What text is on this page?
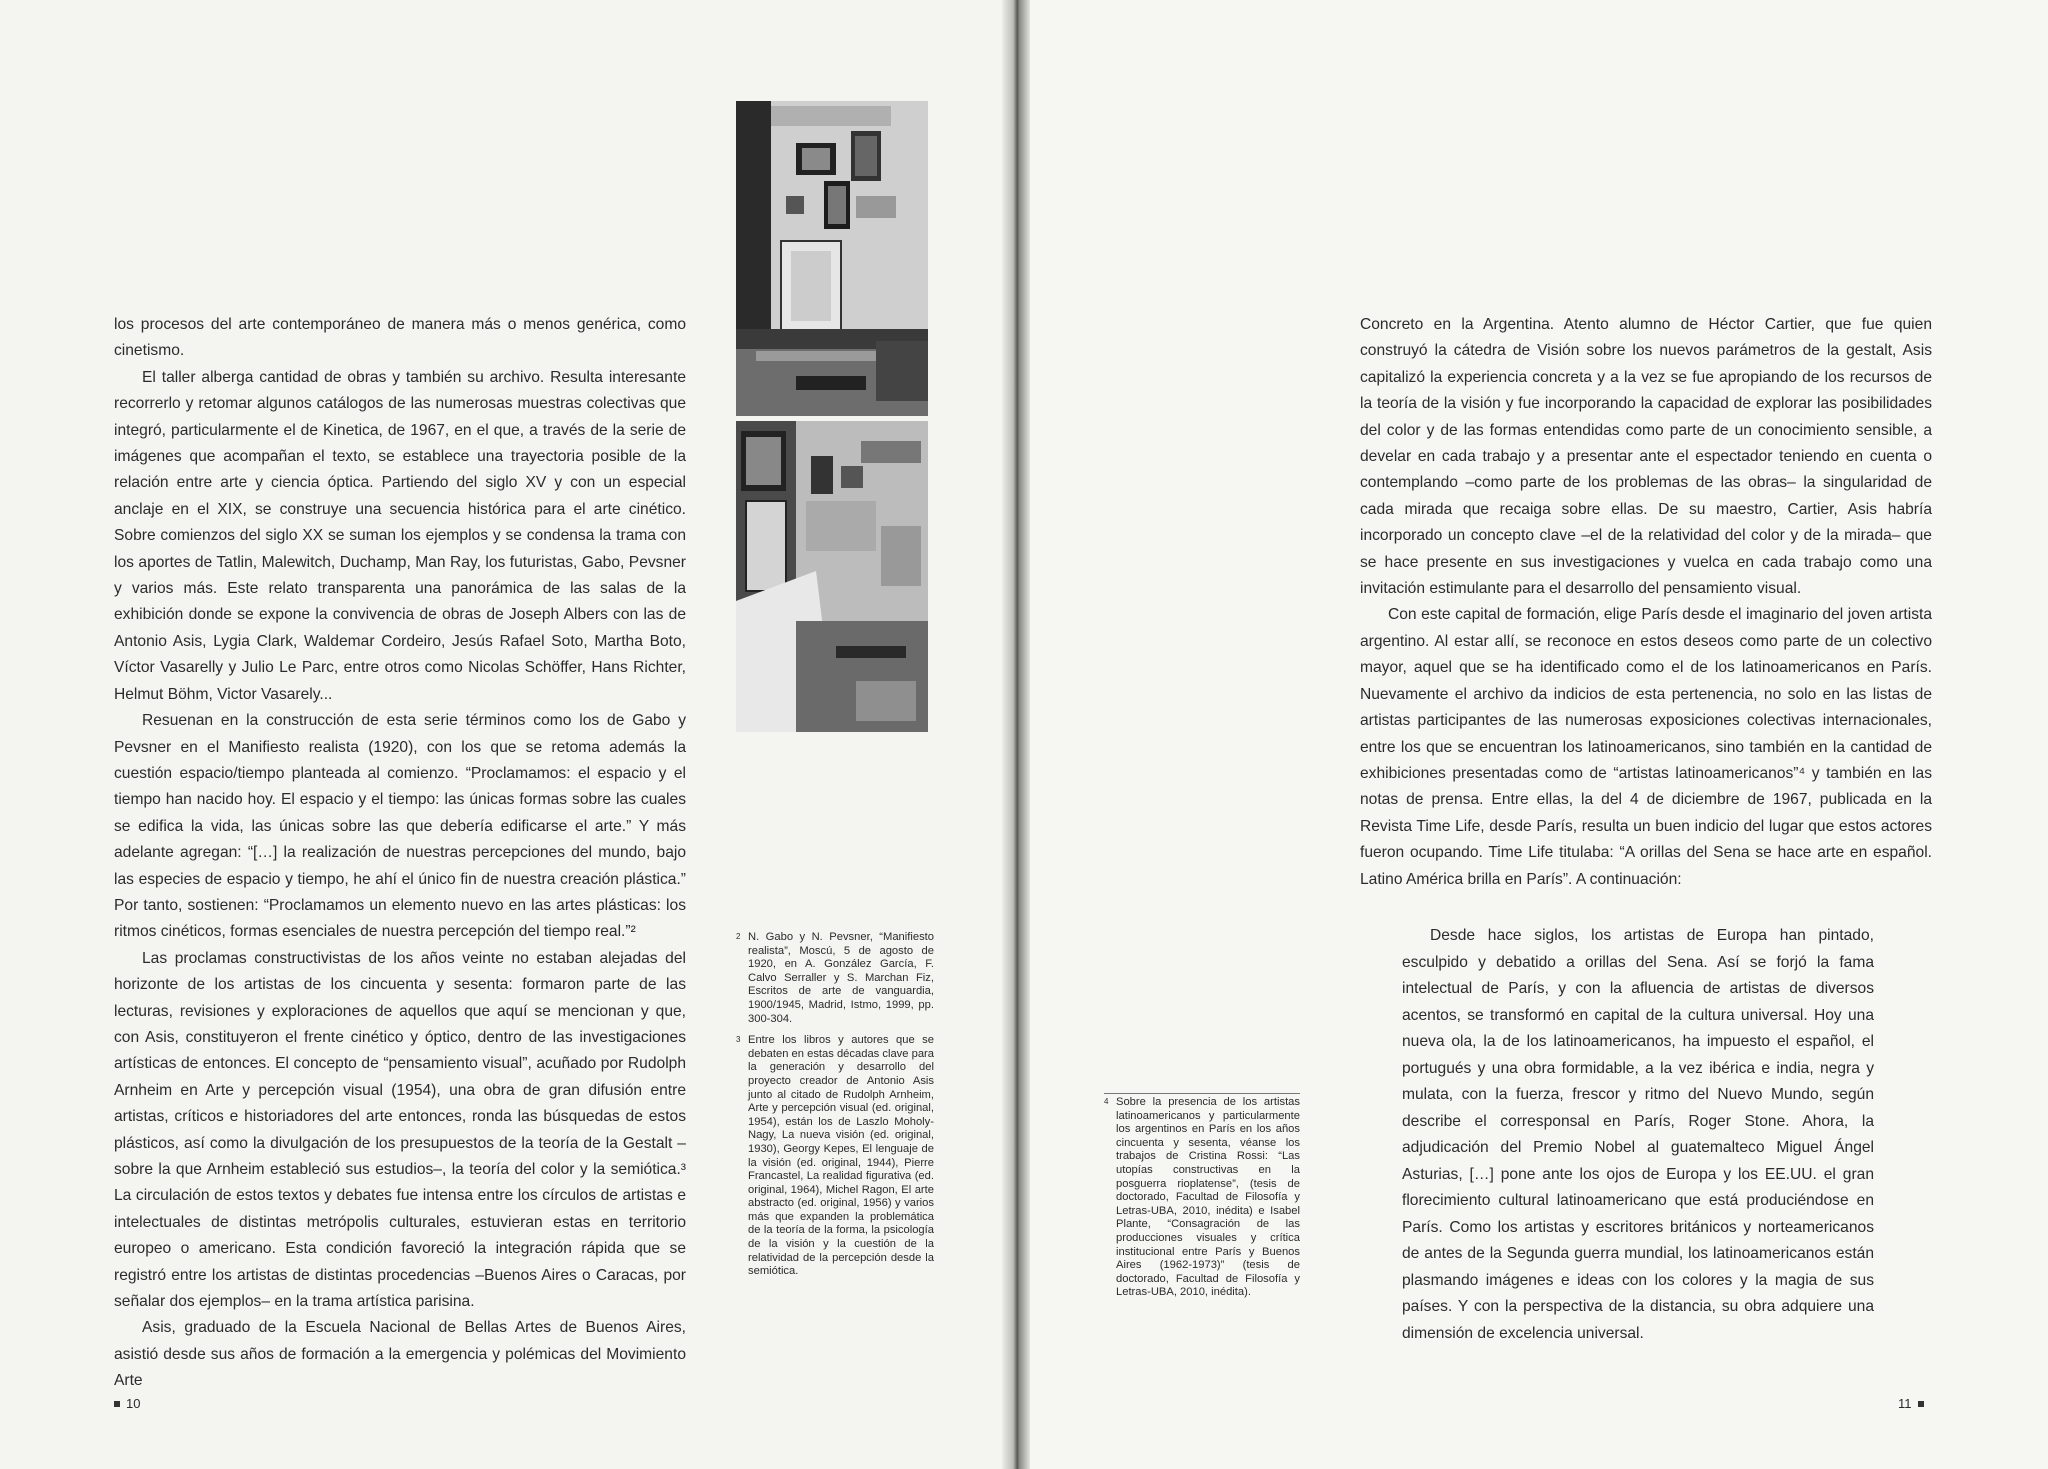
los procesos del arte contemporáneo de manera más o menos genérica, como cinetismo.

El taller alberga cantidad de obras y también su archivo. Resulta interesante recorrerlo y retomar algunos catálogos de las numerosas muestras colectivas que integró, particularmente el de Kinetica, de 1967, en el que, a través de la serie de imágenes que acompañan el texto, se establece una trayectoria posible de la relación entre arte y ciencia óptica. Partiendo del siglo XV y con un especial anclaje en el XIX, se construye una secuencia histórica para el arte cinético. Sobre comienzos del siglo XX se suman los ejemplos y se condensa la trama con los aportes de Tatlin, Malewitch, Duchamp, Man Ray, los futuristas, Gabo, Pevsner y varios más. Este relato transparenta una panorámica de las salas de la exhibición donde se expone la convivencia de obras de Joseph Albers con las de Antonio Asis, Lygia Clark, Waldemar Cordeiro, Jesús Rafael Soto, Martha Boto, Víctor Vasarelly y Julio Le Parc, entre otros como Nicolas Schöffer, Hans Richter, Helmut Böhm, Victor Vasarely...

Resuenan en la construcción de esta serie términos como los de Gabo y Pevsner en el Manifiesto realista (1920), con los que se retoma además la cuestión espacio/tiempo planteada al comienzo. “Proclamamos: el espacio y el tiempo han nacido hoy. El espacio y el tiempo: las únicas formas sobre las cuales se edifica la vida, las únicas sobre las que debería edificarse el arte.” Y más adelante agregan: “[…] la realización de nuestras percepciones del mundo, bajo las especies de espacio y tiempo, he ahí el único fin de nuestra creación plástica.” Por tanto, sostienen: “Proclamamos un elemento nuevo en las artes plásticas: los ritmos cinéticos, formas esenciales de nuestra percepción del tiempo real.”²

Las proclamas constructivistas de los años veinte no estaban alejadas del horizonte de los artistas de los cincuenta y sesenta: formaron parte de las lecturas, revisiones y exploraciones de aquellos que aquí se mencionan y que, con Asis, constituyeron el frente cinético y óptico, dentro de las investigaciones artísticas de entonces. El concepto de “pensamiento visual”, acuñado por Rudolph Arnheim en Arte y percepción visual (1954), una obra de gran difusión entre artistas, críticos e historiadores del arte entonces, ronda las búsquedas de estos plásticos, así como la divulgación de los presupuestos de la teoría de la Gestalt –sobre la que Arnheim estableció sus estudios–, la teoría del color y la semiótica.³ La circulación de estos textos y debates fue intensa entre los círculos de artistas e intelectuales de distintas metrópolis culturales, estuvieran estas en territorio europeo o americano. Esta condición favoreció la integración rápida que se registró entre los artistas de distintas procedencias –Buenos Aires o Caracas, por señalar dos ejemplos– en la trama artística parisina.

Asis, graduado de la Escuela Nacional de Bellas Artes de Buenos Aires, asistió desde sus años de formación a la emergencia y polémicas del Movimiento Arte

2 N. Gabo y N. Pevsner, “Manifiesto realista”, Moscú, 5 de agosto de 1920, en A. González García, F. Calvo Serraller y S. Marchan Fiz, Escritos de arte de vanguardia, 1900/1945, Madrid, Istmo, 1999, pp. 300-304.
3 Entre los libros y autores que se debaten en estas décadas clave para la generación y desarrollo del proyecto creador de Antonio Asis junto al citado de Rudolph Arnheim, Arte y percepción visual (ed. original, 1954), están los de Laszlo Moholy-Nagy, La nueva visión (ed. original, 1930), Georgy Kepes, El lenguaje de la visión (ed. original, 1944), Pierre Francastel, La realidad figurativa (ed. original, 1964), Michel Ragon, El arte abstracto (ed. original, 1956) y varios más que expanden la problemática de la teoría de la forma, la psicología de la visión y la cuestión de la relatividad de la percepción desde la semiótica.
10

Concreto en la Argentina. Atento alumno de Héctor Cartier, que fue quien construyó la cátedra de Visión sobre los nuevos parámetros de la gestalt, Asis capitalizó la experiencia concreta y a la vez se fue apropiando de los recursos de la teoría de la visión y fue incorporando la capacidad de explorar las posibilidades del color y de las formas entendidas como parte de un conocimiento sensible, a develar en cada trabajo y a presentar ante el espectador teniendo en cuenta o contemplando –como parte de los problemas de las obras– la singularidad de cada mirada que recaiga sobre ellas. De su maestro, Cartier, Asis habría incorporado un concepto clave –el de la relatividad del color y de la mirada– que se hace presente en sus investigaciones y vuelca en cada trabajo como una invitación estimulante para el desarrollo del pensamiento visual.

Con este capital de formación, elige París desde el imaginario del joven artista argentino. Al estar allí, se reconoce en estos deseos como parte de un colectivo mayor, aquel que se ha identificado como el de los latinoamericanos en París. Nuevamente el archivo da indicios de esta pertenencia, no solo en las listas de artistas participantes de las numerosas exposiciones colectivas internacionales, entre los que se encuentran los latinoamericanos, sino también en la cantidad de exhibiciones presentadas como de “artistas latinoamericanos”⁴ y también en las notas de prensa. Entre ellas, la del 4 de diciembre de 1967, publicada en la Revista Time Life, desde París, resulta un buen indicio del lugar que estos actores fueron ocupando. Time Life titulaba: “A orillas del Sena se hace arte en español. Latino América brilla en París”. A continuación:

Desde hace siglos, los artistas de Europa han pintado, esculpido y debatido a orillas del Sena. Así se forjó la fama intelectual de París, y con la afluencia de artistas de diversos acentos, se transformó en capital de la cultura universal. Hoy una nueva ola, la de los latinoamericanos, ha impuesto el español, el portugués y una obra formidable, a la vez ibérica e india, negra y mulata, con la fuerza, frescor y ritmo del Nuevo Mundo, según describe el corresponsal en París, Roger Stone. Ahora, la adjudicación del Premio Nobel al guatemalteco Miguel Ángel Asturias, […] pone ante los ojos de Europa y los EE.UU. el gran florecimiento cultural latinoamericano que está produciéndose en París. Como los artistas y escritores británicos y norteamericanos de antes de la Segunda guerra mundial, los latinoamericanos están plasmando imágenes e ideas con los colores y la magia de sus países. Y con la perspectiva de la distancia, su obra adquiere una dimensión de excelencia universal.

4 Sobre la presencia de los artistas latinoamericanos y particularmente los argentinos en París en los años cincuenta y sesenta, véanse los trabajos de Cristina Rossi: “Las utopías constructivas en la posguerra rioplatense”, (tesis de doctorado, Facultad de Filosofía y Letras-UBA, 2010, inédita) e Isabel Plante, “Consagración de las producciones visuales y crítica institucional entre París y Buenos Aires (1962-1973)” (tesis de doctorado, Facultad de Filosofía y Letras-UBA, 2010, inédita).
11
